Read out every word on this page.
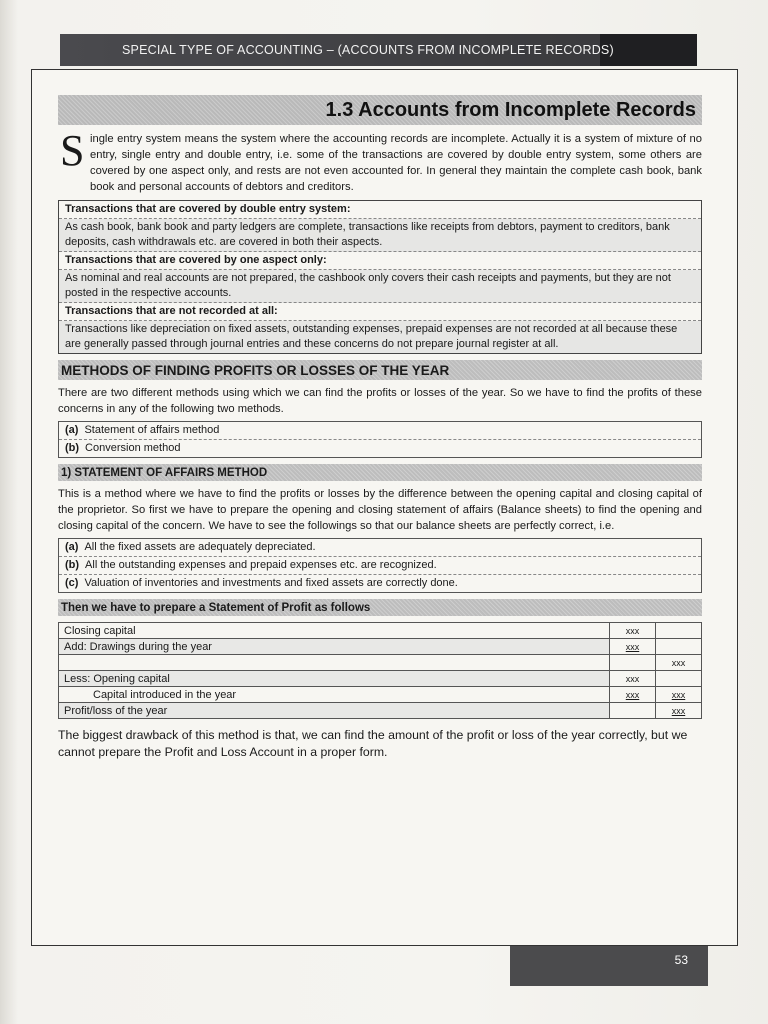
SPECIAL TYPE OF ACCOUNTING – (ACCOUNTS FROM INCOMPLETE RECORDS)
1.3 Accounts from Incomplete Records
S ingle entry system means the system where the accounting records are incomplete. Actually it is a system of mixture of no entry, single entry and double entry, i.e. some of the transactions are covered by double entry system, some others are covered by one aspect only, and rests are not even accounted for. In general they maintain the complete cash book, bank book and personal accounts of debtors and creditors.
Transactions that are covered by double entry system:
As cash book, bank book and party ledgers are complete, transactions like receipts from debtors, payment to creditors, bank deposits, cash withdrawals etc. are covered in both their aspects.
Transactions that are covered by one aspect only:
As nominal and real accounts are not prepared, the cashbook only covers their cash receipts and payments, but they are not posted in the respective accounts.
Transactions that are not recorded at all:
Transactions like depreciation on fixed assets, outstanding expenses, prepaid expenses are not recorded at all because these are generally passed through journal entries and these concerns do not prepare journal register at all.
METHODS OF FINDING PROFITS OR LOSSES OF THE YEAR
There are two different methods using which we can find the profits or losses of the year. So we have to find the profits of these concerns in any of the following two methods.
(a) Statement of affairs method
(b) Conversion method
1) STATEMENT OF AFFAIRS METHOD
This is a method where we have to find the profits or losses by the difference between the opening capital and closing capital of the proprietor. So first we have to prepare the opening and closing statement of affairs (Balance sheets) to find the opening and closing capital of the concern. We have to see the followings so that our balance sheets are perfectly correct, i.e.
(a) All the fixed assets are adequately depreciated.
(b) All the outstanding expenses and prepaid expenses etc. are recognized.
(c) Valuation of inventories and investments and fixed assets are correctly done.
Then we have to prepare a Statement of Profit as follows
Closing capital	xxx	
Add: Drawings during the year	xxx	
		xxx
Less: Opening capital	xxx	
Capital introduced in the year	xxx	xxx
Profit/loss of the year		xxx
The biggest drawback of this method is that, we can find the amount of the profit or loss of the year correctly, but we cannot prepare the Profit and Loss Account in a proper form.
53
